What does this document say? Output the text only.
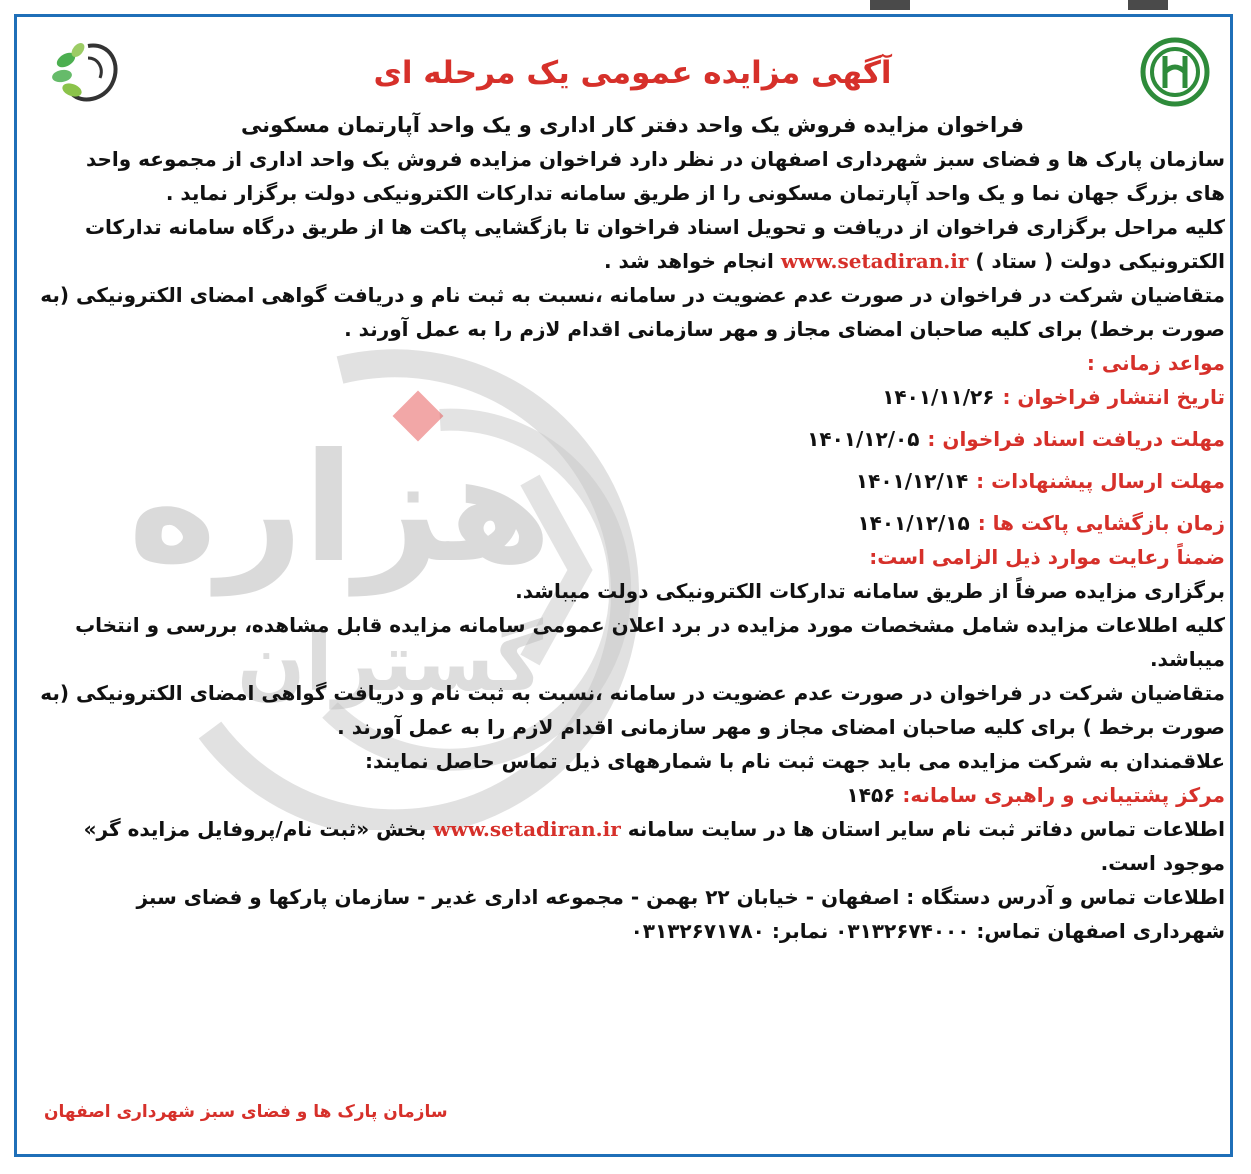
هزاره
گستران
آگهی مزایده عمومی یک مرحله ای

فراخوان مزایده فروش یک واحد دفتر کار اداری و یک واحد آپارتمان مسکونی

سازمان پارک ها و فضای سبز شهرداری اصفهان در نظر دارد فراخوان مزایده فروش یک واحد اداری از مجموعه واحد های بزرگ جهان نما و یک واحد آپارتمان مسکونی را از طریق سامانه تدارکات الکترونیکی دولت برگزار نماید .

کلیه مراحل برگزاری فراخوان از دریافت و تحویل اسناد فراخوان تا بازگشایی پاکت ها از طریق درگاه سامانه تدارکات الکترونیکی دولت ( ستاد ) www.setadiran.ir انجام خواهد شد .

متقاضیان شرکت در فراخوان در صورت عدم عضویت در سامانه ،نسبت به ثبت نام و دریافت گواهی امضای الکترونیکی (به صورت برخط) برای کلیه صاحبان امضای مجاز و مهر سازمانی اقدام لازم را به عمل آورند .

مواعد زمانی :

تاریخ انتشار فراخوان :۱۴۰۱/۱۱/۲۶

مهلت دریافت اسناد فراخوان :۱۴۰۱/۱۲/۰۵

مهلت ارسال پیشنهادات :۱۴۰۱/۱۲/۱۴

زمان بازگشایی پاکت ها :۱۴۰۱/۱۲/۱۵

ضمناً رعایت موارد ذیل الزامی است:

برگزاری مزایده صرفاً از طریق سامانه تدارکات الکترونیکی دولت میباشد.

کلیه اطلاعات مزایده شامل مشخصات مورد مزایده در برد اعلان عمومی سامانه مزایده قابل مشاهده، بررسی و انتخاب میباشد.

متقاضیان شرکت در فراخوان در صورت عدم عضویت در سامانه ،نسبت به ثبت نام و دریافت گواهی امضای الکترونیکی (به صورت برخط ) برای کلیه صاحبان امضای مجاز و مهر سازمانی اقدام لازم را به عمل آورند .

علاقمندان به شرکت مزایده می باید جهت ثبت نام با شمارههای ذیل تماس حاصل نمایند:

مرکز پشتیبانی و راهبری سامانه: ۱۴۵۶

اطلاعات تماس دفاتر ثبت نام سایر استان ها در سایت سامانه www.setadiran.ir بخش «ثبت نام/پروفایل مزایده گر» موجود است.

اطلاعات تماس و آدرس دستگاه : اصفهان - خیابان ۲۲ بهمن - مجموعه اداری غدیر - سازمان پارکها و فضای سبز شهرداری اصفهان تماس: ۰۳۱۳۲۶۷۴۰۰۰ نمابر: ۰۳۱۳۲۶۷۱۷۸۰

سازمان پارک ها و فضای سبز شهرداری اصفهان
